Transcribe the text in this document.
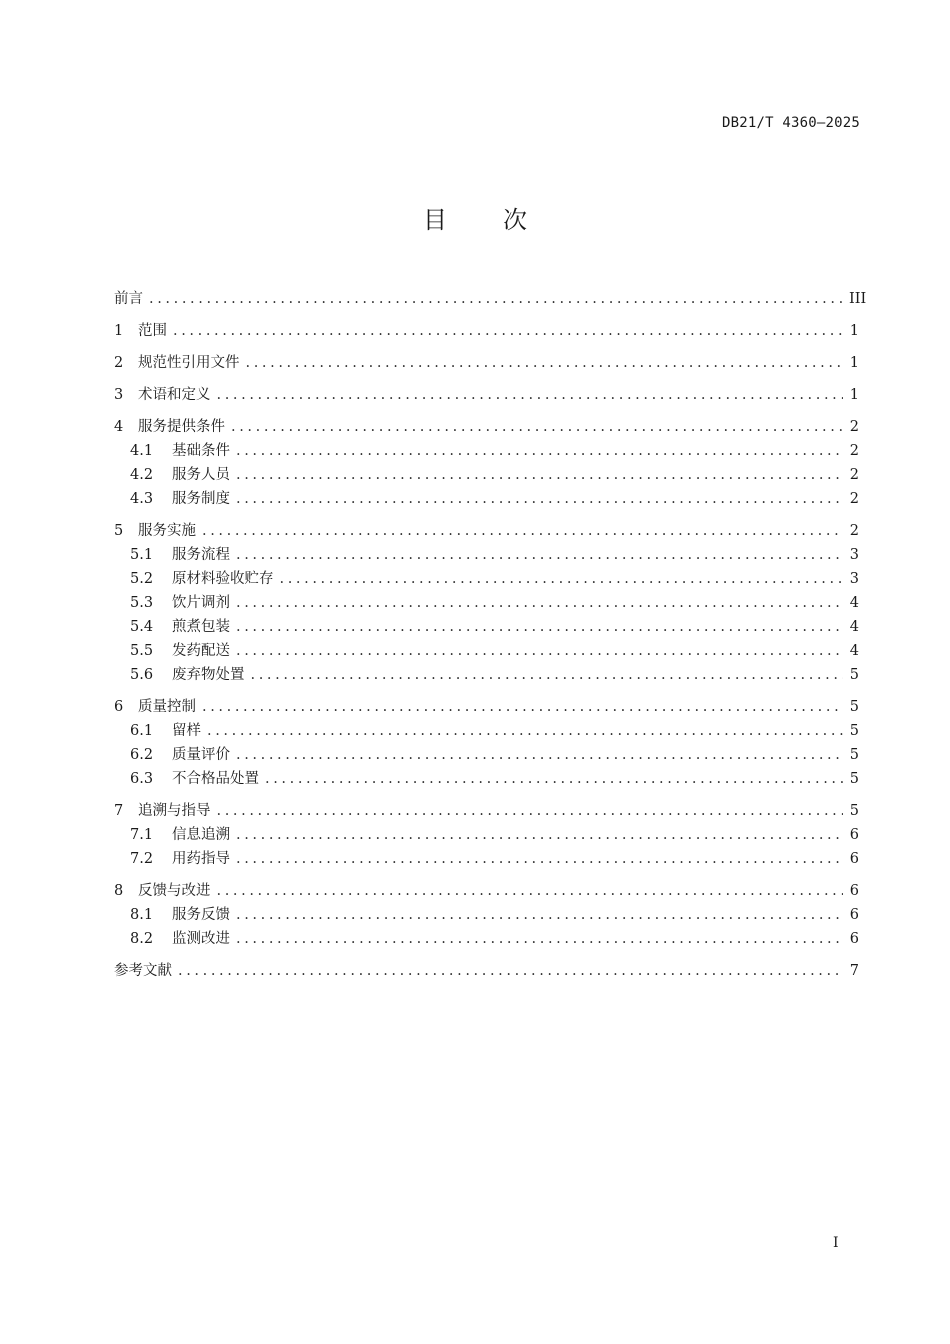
DB21/T 4360—2025
目 次
前言 .....	III
1	范围 .....	1
2	规范性引用文件 .....	1
3	术语和定义 .....	1
4	服务提供条件 .....	2
4.1	基础条件 .....	2
4.2	服务人员 .....	2
4.3	服务制度 .....	2
5	服务实施 .....	2
5.1	服务流程 .....	3
5.2	原材料验收贮存 .....	3
5.3	饮片调剂 .....	4
5.4	煎煮包装 .....	4
5.5	发药配送 .....	4
5.6	废弃物处置 .....	5
6	质量控制 .....	5
6.1	留样 .....	5
6.2	质量评价 .....	5
6.3	不合格品处置 .....	5
7	追溯与指导 .....	5
7.1	信息追溯 .....	6
7.2	用药指导 .....	6
8	反馈与改进 .....	6
8.1	服务反馈 .....	6
8.2	监测改进 .....	6
参考文献 .....	7
I
